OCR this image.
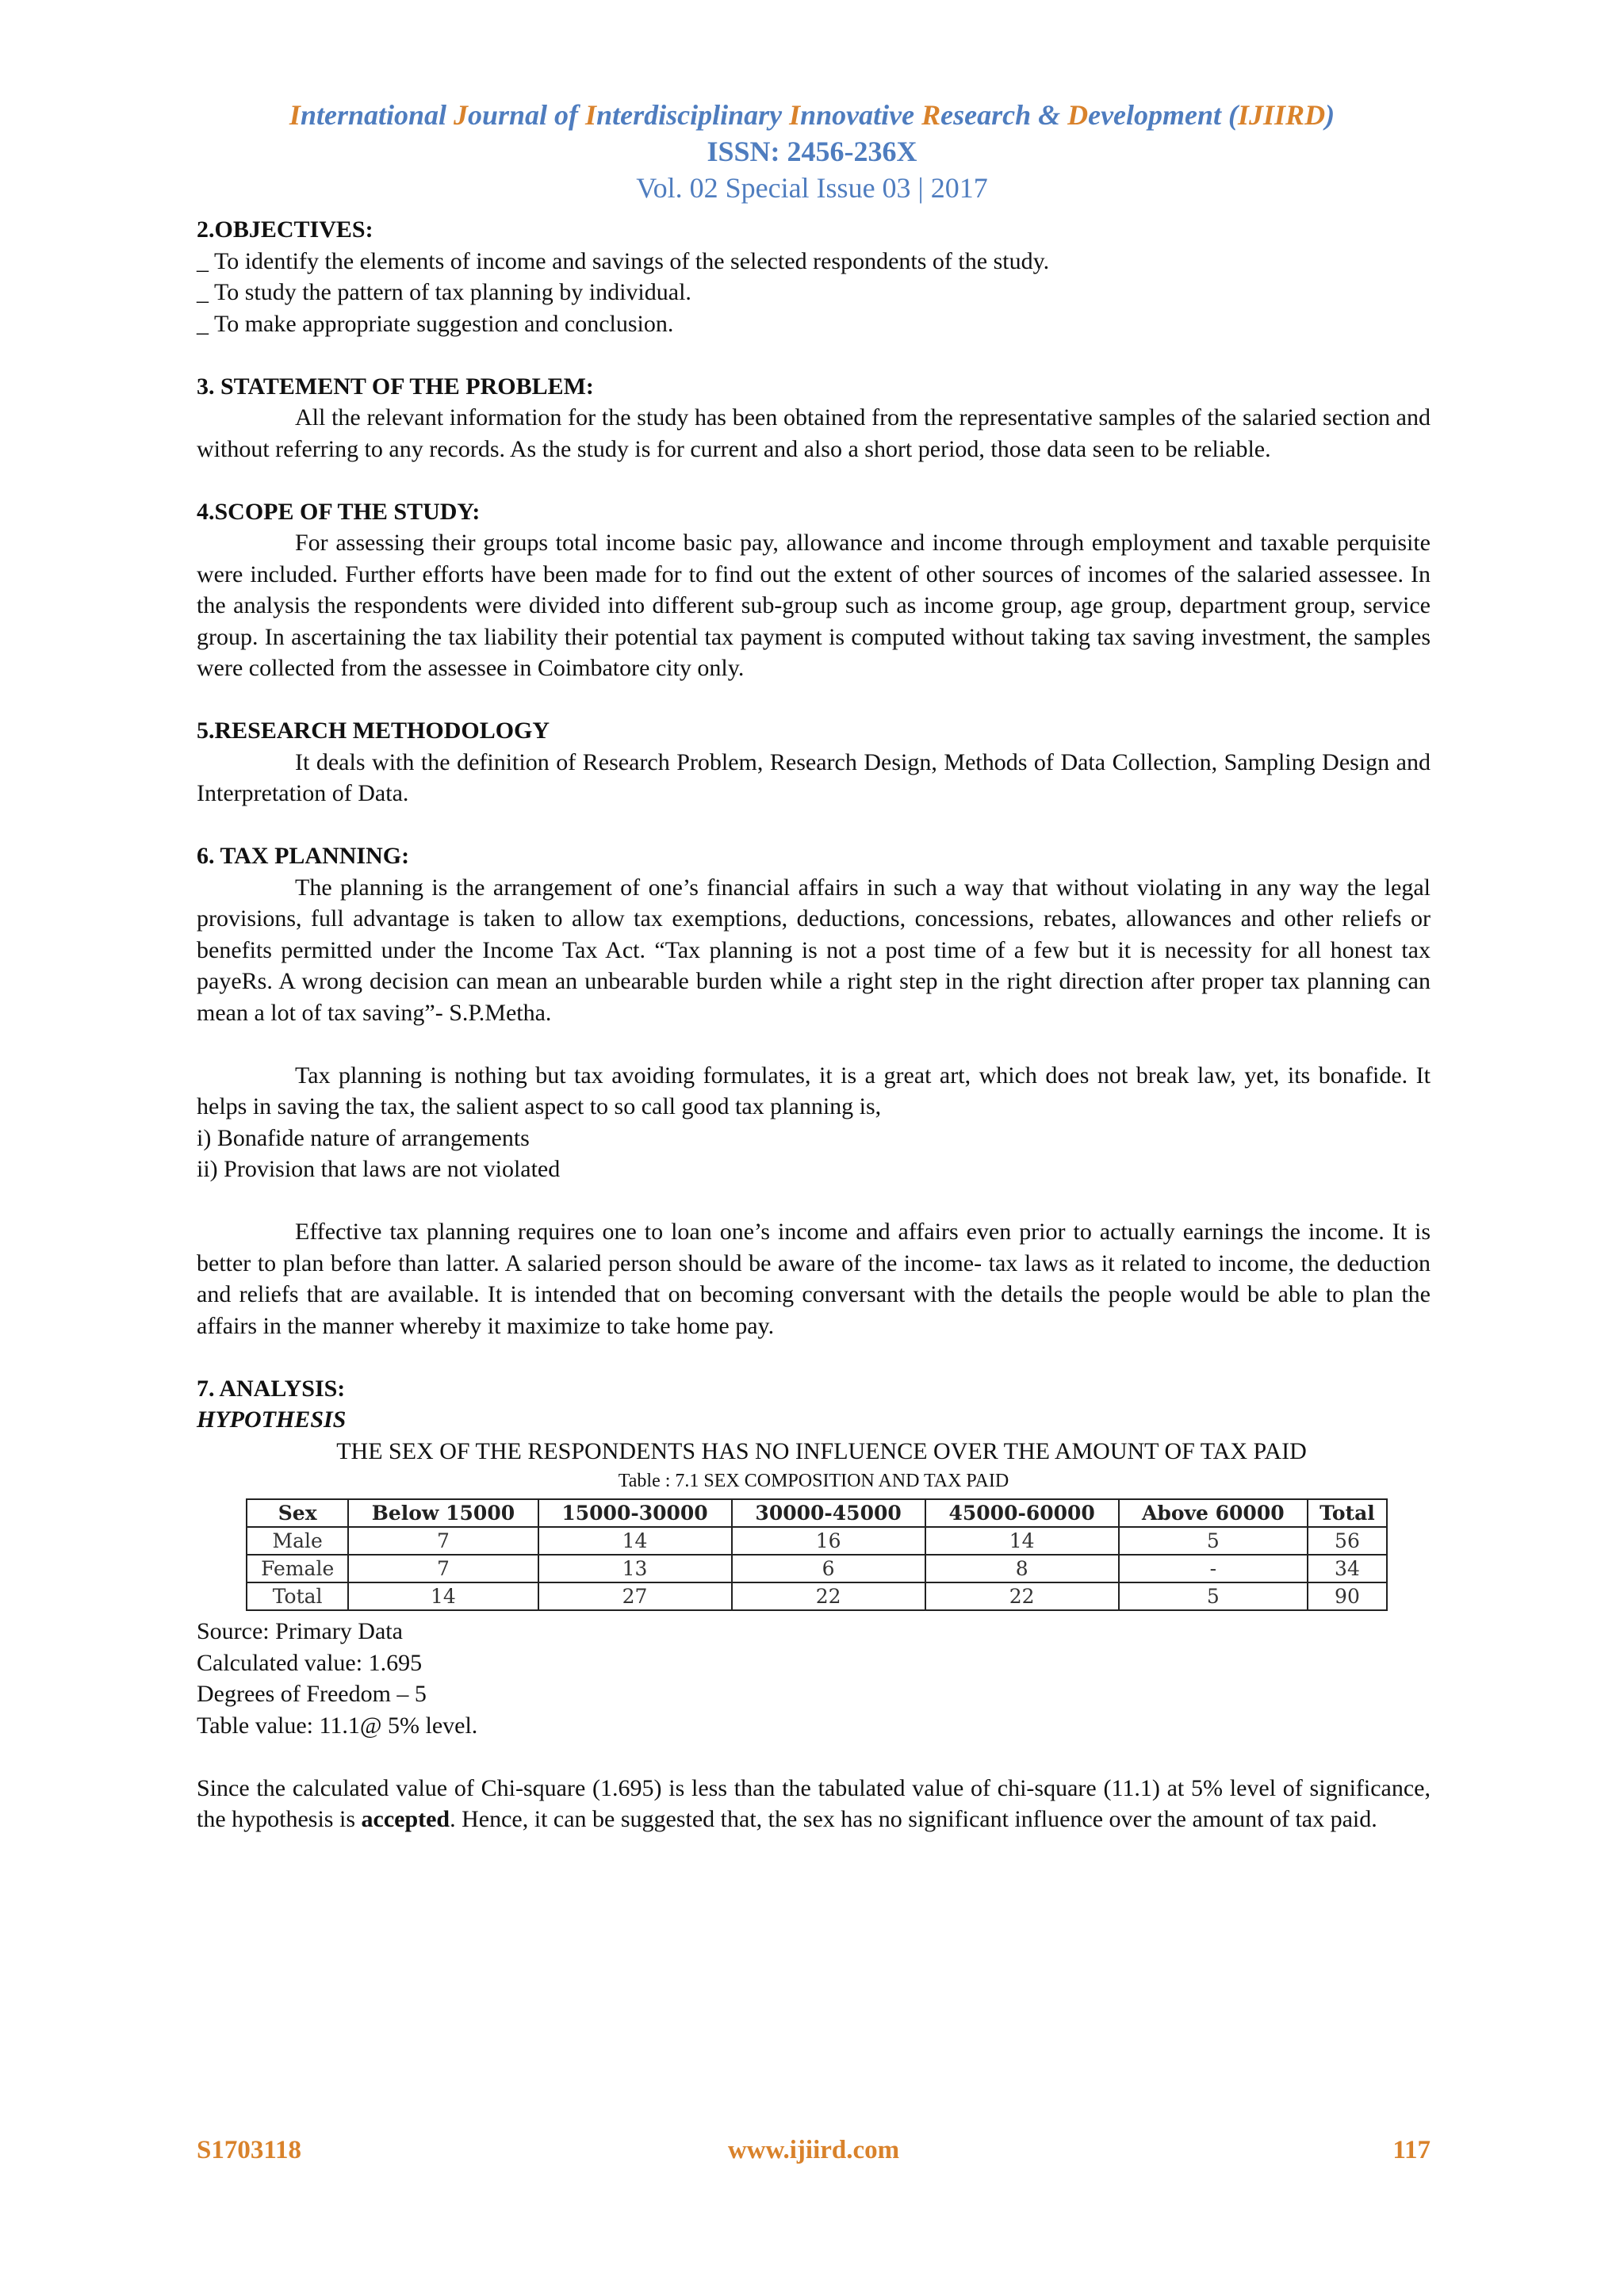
International Journal of Interdisciplinary Innovative Research & Development (IJIIRD)
ISSN: 2456-236X
Vol. 02 Special Issue 03 | 2017
2.OBJECTIVES:
_ To identify the elements of income and savings of the selected respondents of the study.
_ To study the pattern of tax planning by individual.
_ To make appropriate suggestion and conclusion.
3. STATEMENT OF THE PROBLEM:

All the relevant information for the study has been obtained from the representative samples of the salaried section and without referring to any records. As the study is for current and also a short period, those data seen to be reliable.

4.SCOPE OF THE STUDY:

For assessing their groups total income basic pay, allowance and income through employment and taxable perquisite were included. Further efforts have been made for to find out the extent of other sources of incomes of the salaried assessee. In the analysis the respondents were divided into different sub-group such as income group, age group, department group, service group. In ascertaining the tax liability their potential tax payment is computed without taking tax saving investment, the samples were collected from the assessee in Coimbatore city only.

5.RESEARCH METHODOLOGY

It deals with the definition of Research Problem, Research Design, Methods of Data Collection, Sampling Design and Interpretation of Data.

6. TAX PLANNING:

The planning is the arrangement of one’s financial affairs in such a way that without violating in any way the legal provisions, full advantage is taken to allow tax exemptions, deductions, concessions, rebates, allowances and other reliefs or benefits permitted under the Income Tax Act. “Tax planning is not a post time of a few but it is necessity for all honest tax payeRs. A wrong decision can mean an unbearable burden while a right step in the right direction after proper tax planning can mean a lot of tax saving”- S.P.Metha.

Tax planning is nothing but tax avoiding formulates, it is a great art, which does not break law, yet, its bonafide. It helps in saving the tax, the salient aspect to so call good tax planning is,

i) Bonafide nature of arrangements
ii) Provision that laws are not violated

Effective tax planning requires one to loan one’s income and affairs even prior to actually earnings the income. It is better to plan before than latter. A salaried person should be aware of the income- tax laws as it related to income, the deduction and reliefs that are available. It is intended that on becoming conversant with the details the people would be able to plan the affairs in the manner whereby it maximize to take home pay.

7. ANALYSIS:
HYPOTHESIS
THE SEX OF THE RESPONDENTS HAS NO INFLUENCE OVER THE AMOUNT OF TAX PAID
Table : 7.1 SEX COMPOSITION AND TAX PAID
Sex	Below 15000	15000-30000	30000-45000	45000-60000	Above 60000	Total
Male	7	14	16	14	5	56
Female	7	13	6	8	-	34
Total	14	27	22	22	5	90
Source: Primary Data
Calculated value: 1.695
Degrees of Freedom – 5
Table value: 11.1@ 5% level.

Since the calculated value of Chi-square (1.695) is less than the tabulated value of chi-square (11.1) at 5% level of significance, the hypothesis is accepted. Hence, it can be suggested that, the sex has no significant influence over the amount of tax paid.

S1703118	www.ijiird.com	117
